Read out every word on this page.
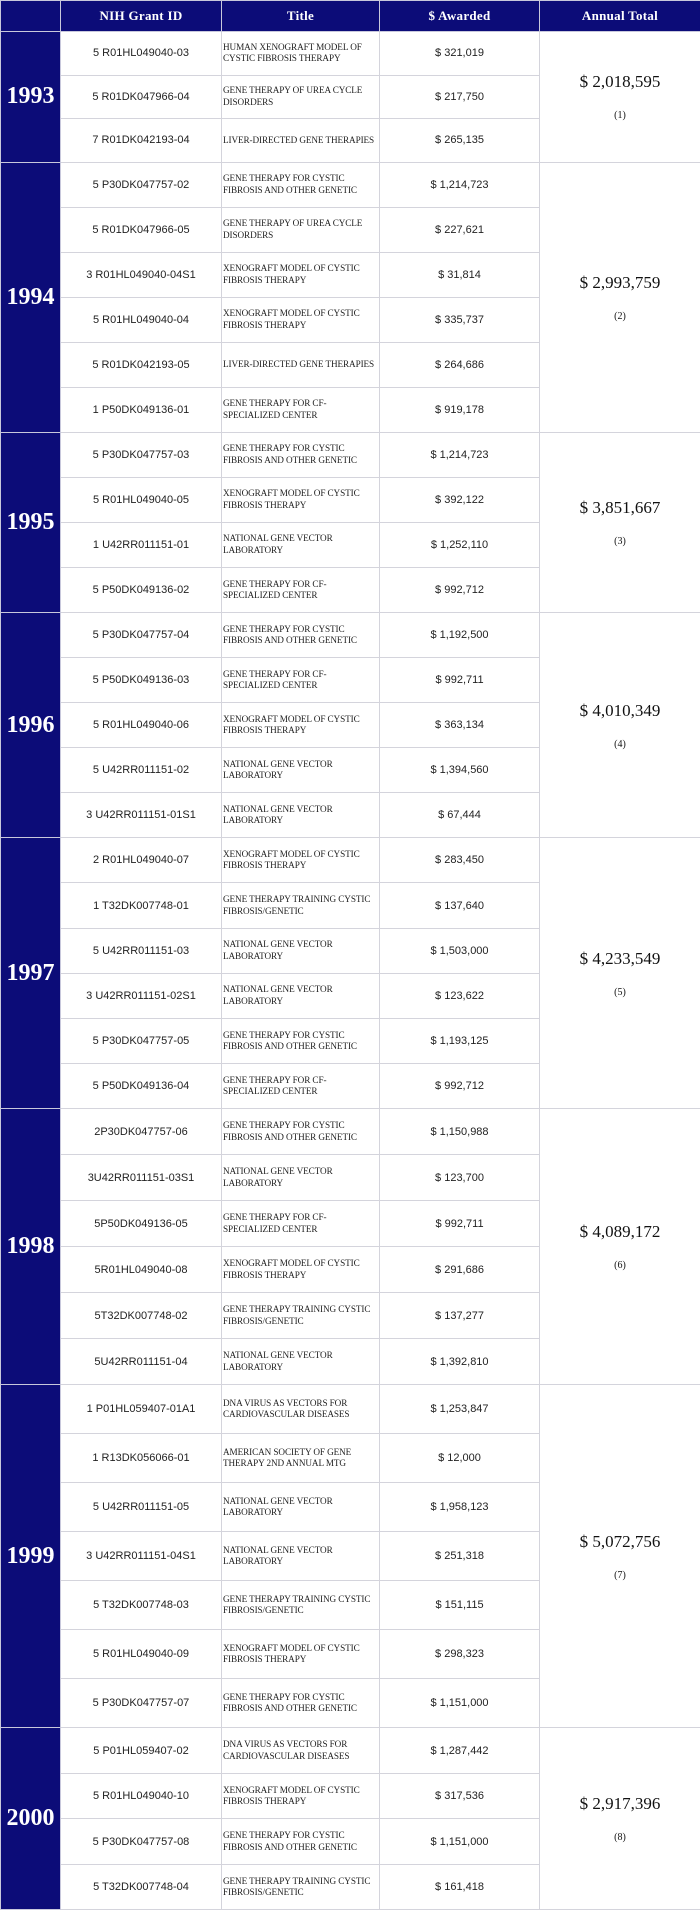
	NIH Grant ID	Title	$ Awarded	Annual Total
1993	5 R01HL049040-03	HUMAN XENOGRAFT MODEL OF CYSTIC FIBROSIS THERAPY	$ 321,019	$ 2,018,595
(1)

	5 R01DK047966-04	GENE THERAPY OF UREA CYCLE DISORDERS	$ 217,750	
	7 R01DK042193-04	LIVER-DIRECTED GENE THERAPIES	$ 265,135	
1994	5 P30DK047757-02	GENE THERAPY FOR CYSTIC FIBROSIS AND OTHER GENETIC	$ 1,214,723	$ 2,993,759
(2)

	5 R01DK047966-05	GENE THERAPY OF UREA CYCLE DISORDERS	$ 227,621	
	3 R01HL049040-04S1	XENOGRAFT MODEL OF CYSTIC FIBROSIS THERAPY	$ 31,814	
	5 R01HL049040-04	XENOGRAFT MODEL OF CYSTIC FIBROSIS THERAPY	$ 335,737	
	5 R01DK042193-05	LIVER-DIRECTED GENE THERAPIES	$ 264,686	
	1 P50DK049136-01	GENE THERAPY FOR CF-SPECIALIZED CENTER	$ 919,178	
1995	5 P30DK047757-03	GENE THERAPY FOR CYSTIC FIBROSIS AND OTHER GENETIC	$ 1,214,723	$ 3,851,667
(3)

	5 R01HL049040-05	XENOGRAFT MODEL OF CYSTIC FIBROSIS THERAPY	$ 392,122	
	1 U42RR011151-01	NATIONAL GENE VECTOR LABORATORY	$ 1,252,110	
	5 P50DK049136-02	GENE THERAPY FOR CF-SPECIALIZED CENTER	$ 992,712	
1996	5 P30DK047757-04	GENE THERAPY FOR CYSTIC FIBROSIS AND OTHER GENETIC	$ 1,192,500	$ 4,010,349
(4)

	5 P50DK049136-03	GENE THERAPY FOR CF-SPECIALIZED CENTER	$ 992,711	
	5 R01HL049040-06	XENOGRAFT MODEL OF CYSTIC FIBROSIS THERAPY	$ 363,134	
	5 U42RR011151-02	NATIONAL GENE VECTOR LABORATORY	$ 1,394,560	
	3 U42RR011151-01S1	NATIONAL GENE VECTOR LABORATORY	$ 67,444	
1997	2 R01HL049040-07	XENOGRAFT MODEL OF CYSTIC FIBROSIS THERAPY	$ 283,450	$ 4,233,549
(5)

	1 T32DK007748-01	GENE THERAPY TRAINING CYSTIC FIBROSIS/GENETIC	$ 137,640	
	5 U42RR011151-03	NATIONAL GENE VECTOR LABORATORY	$ 1,503,000	
	3 U42RR011151-02S1	NATIONAL GENE VECTOR LABORATORY	$ 123,622	
	5 P30DK047757-05	GENE THERAPY FOR CYSTIC FIBROSIS AND OTHER GENETIC	$ 1,193,125	
	5 P50DK049136-04	GENE THERAPY FOR CF-SPECIALIZED CENTER	$ 992,712	
1998	2P30DK047757-06	GENE THERAPY FOR CYSTIC FIBROSIS AND OTHER GENETIC	$ 1,150,988	$ 4,089,172
(6)

	3U42RR011151-03S1	NATIONAL GENE VECTOR LABORATORY	$ 123,700	
	5P50DK049136-05	GENE THERAPY FOR CF-SPECIALIZED CENTER	$ 992,711	
	5R01HL049040-08	XENOGRAFT MODEL OF CYSTIC FIBROSIS THERAPY	$ 291,686	
	5T32DK007748-02	GENE THERAPY TRAINING CYSTIC FIBROSIS/GENETIC	$ 137,277	
	5U42RR011151-04	NATIONAL GENE VECTOR LABORATORY	$ 1,392,810	
1999	1 P01HL059407-01A1	DNA VIRUS AS VECTORS FOR CARDIOVASCULAR DISEASES	$ 1,253,847	$ 5,072,756
(7)

	1 R13DK056066-01	AMERICAN SOCIETY OF GENE THERAPY 2ND ANNUAL MTG	$ 12,000	
	5 U42RR011151-05	NATIONAL GENE VECTOR LABORATORY	$ 1,958,123	
	3 U42RR011151-04S1	NATIONAL GENE VECTOR LABORATORY	$ 251,318	
	5 T32DK007748-03	GENE THERAPY TRAINING CYSTIC FIBROSIS/GENETIC	$ 151,115	
	5 R01HL049040-09	XENOGRAFT MODEL OF CYSTIC FIBROSIS THERAPY	$ 298,323	
	5 P30DK047757-07	GENE THERAPY FOR CYSTIC FIBROSIS AND OTHER GENETIC	$ 1,151,000	
2000	5 P01HL059407-02	DNA VIRUS AS VECTORS FOR CARDIOVASCULAR DISEASES	$ 1,287,442	$ 2,917,396
(8)

	5 R01HL049040-10	XENOGRAFT MODEL OF CYSTIC FIBROSIS THERAPY	$ 317,536	
	5 P30DK047757-08	GENE THERAPY FOR CYSTIC FIBROSIS AND OTHER GENETIC	$ 1,151,000	
	5 T32DK007748-04	GENE THERAPY TRAINING CYSTIC FIBROSIS/GENETIC	$ 161,418	
